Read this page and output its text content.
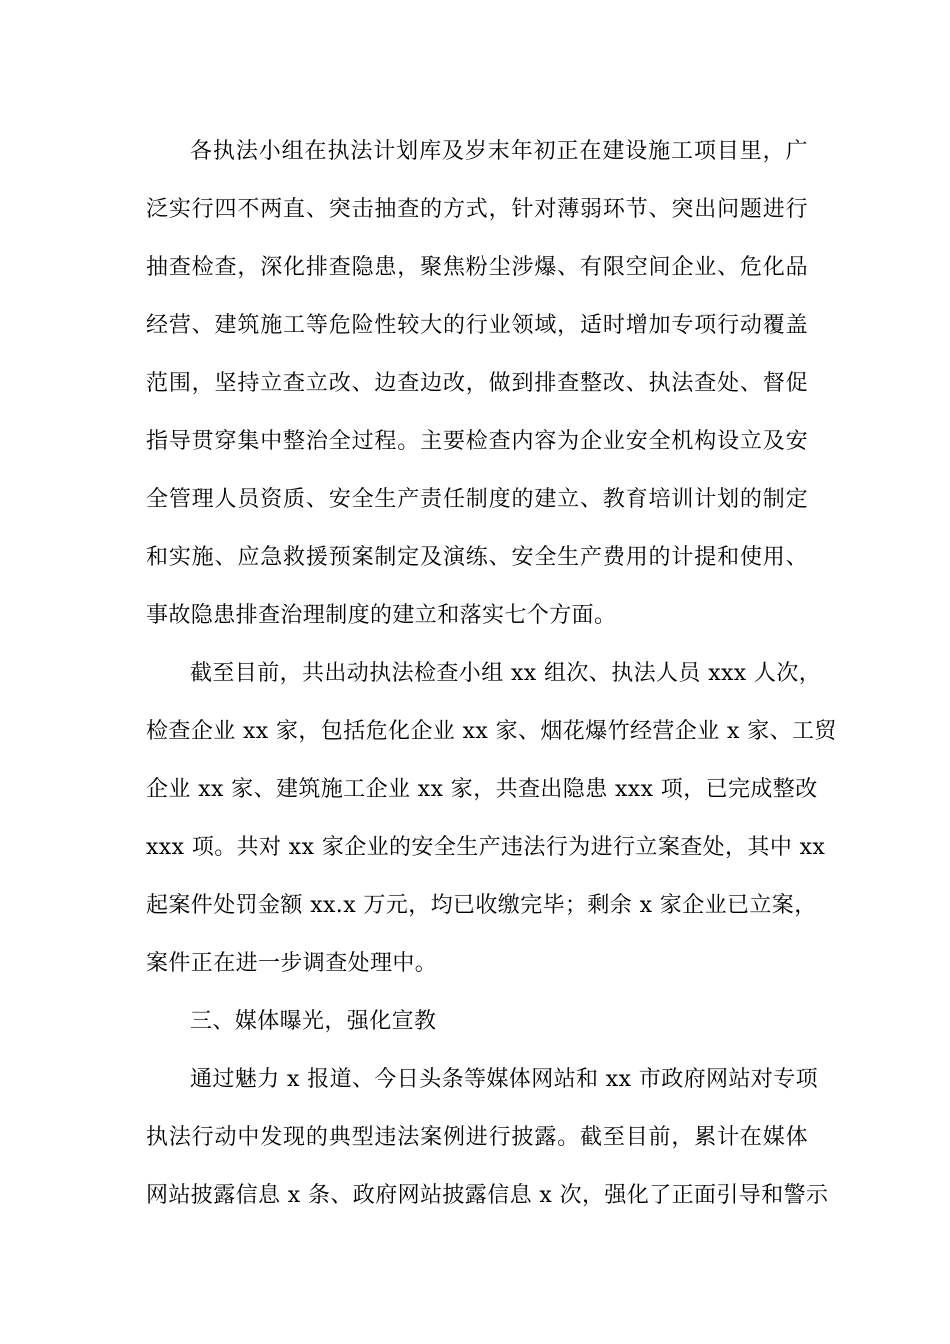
各执法小组在执法计划库及岁末年初正在建设施工项目里，广
泛实行四不两直、突击抽查的方式，针对薄弱环节、突出问题进行
抽查检查，深化排查隐患，聚焦粉尘涉爆、有限空间企业、危化品
经营、建筑施工等危险性较大的行业领域，适时增加专项行动覆盖
范围，坚持立查立改、边查边改，做到排查整改、执法查处、督促
指导贯穿集中整治全过程。主要检查内容为企业安全机构设立及安
全管理人员资质、安全生产责任制度的建立、教育培训计划的制定
和实施、应急救援预案制定及演练、安全生产费用的计提和使用、
事故隐患排查治理制度的建立和落实七个方面。
截至目前，共出动执法检查小组 xx 组次、执法人员 xxx 人次，
检查企业 xx 家，包括危化企业 xx 家、烟花爆竹经营企业 x 家、工贸
企业 xx 家、建筑施工企业 xx 家，共查出隐患 xxx 项，已完成整改
xxx 项。共对 xx 家企业的安全生产违法行为进行立案查处，其中 xx
起案件处罚金额 xx.x 万元，均已收缴完毕；剩余 x 家企业已立案，
案件正在进一步调查处理中。
三、媒体曝光，强化宣教
通过魅力 x 报道、今日头条等媒体网站和 xx 市政府网站对专项
执法行动中发现的典型违法案例进行披露。截至目前，累计在媒体
网站披露信息 x 条、政府网站披露信息 x 次，强化了正面引导和警示
